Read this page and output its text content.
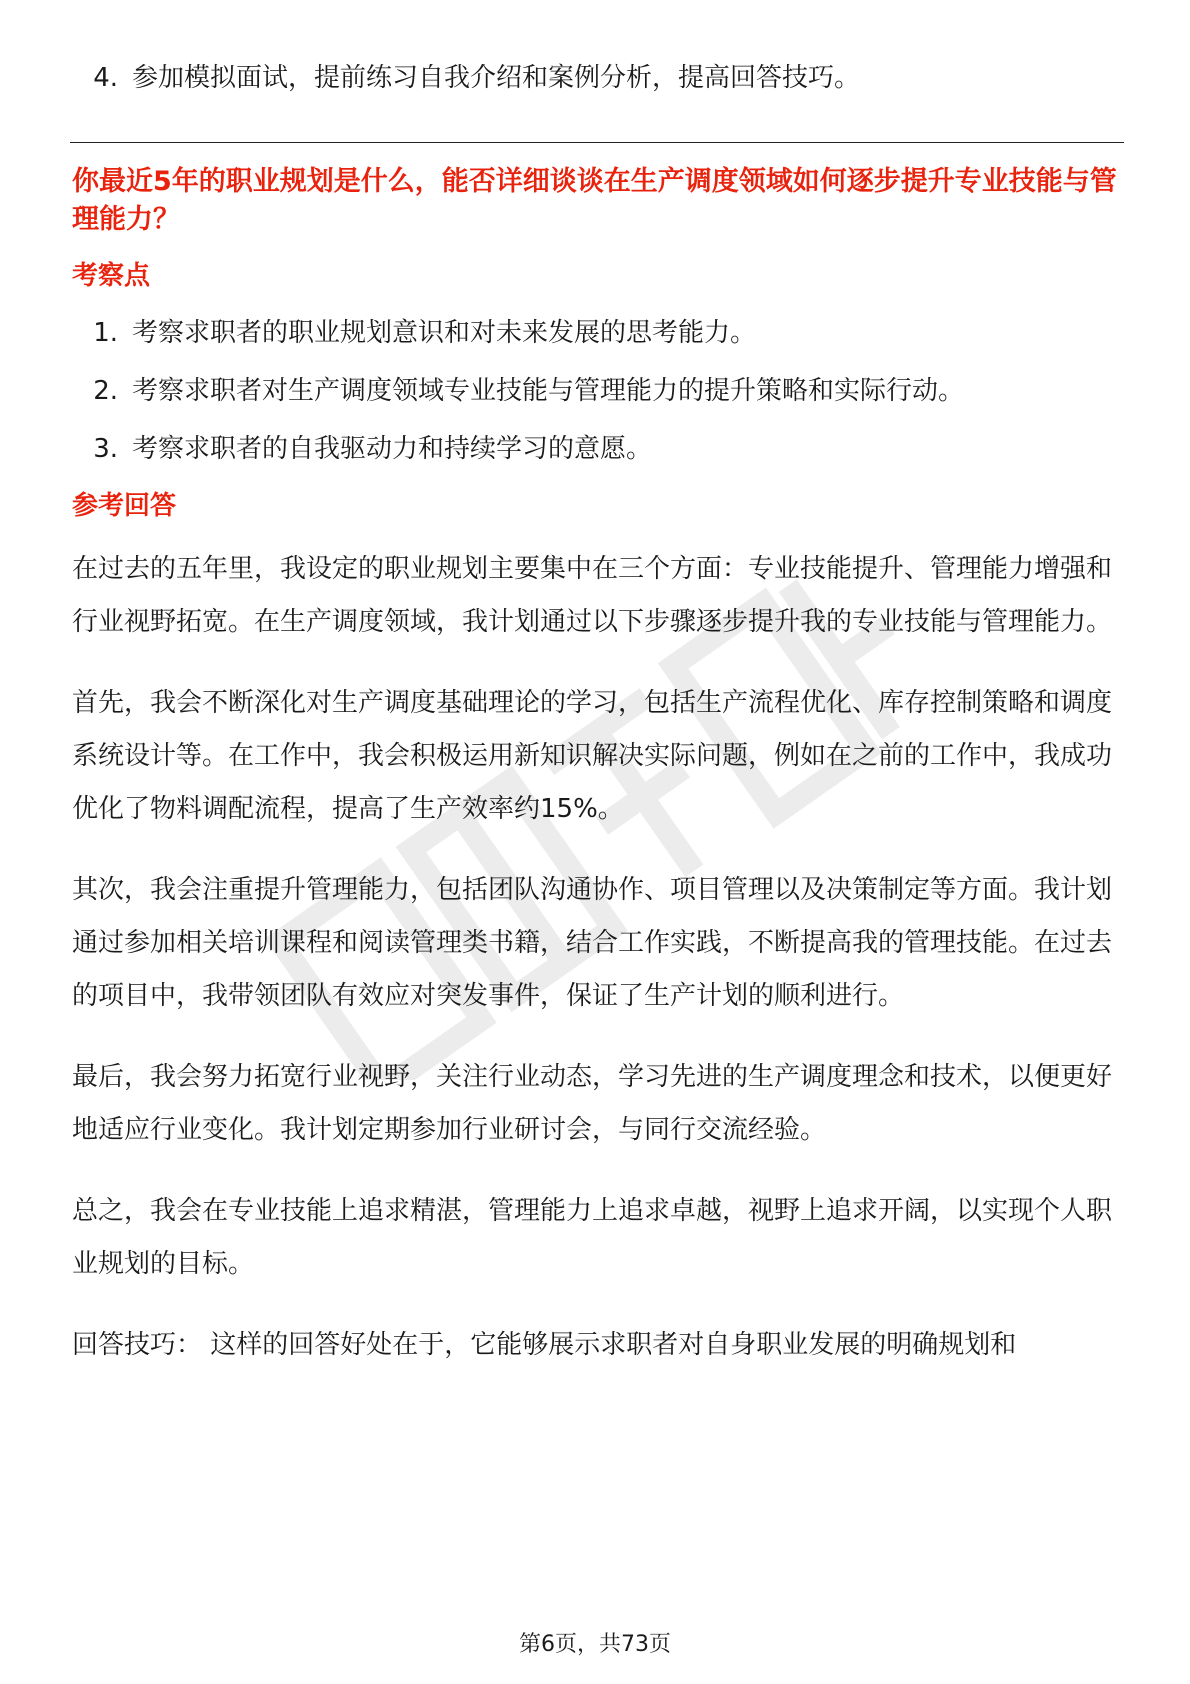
4. 参加模拟面试，提前练习自我介绍和案例分析，提高回答技巧。

你最近5年的职业规划是什么，能否详细谈谈在生产调度领域如何逐步提升专业技能与管理能力？

考察点

1. 考察求职者的职业规划意识和对未来发展的思考能力。

2. 考察求职者对生产调度领域专业技能与管理能力的提升策略和实际行动。

3. 考察求职者的自我驱动力和持续学习的意愿。

参考回答

在过去的五年里，我设定的职业规划主要集中在三个方面：专业技能提升、管理能力增强和行业视野拓宽。在生产调度领域，我计划通过以下步骤逐步提升我的专业技能与管理能力。

首先，我会不断深化对生产调度基础理论的学习，包括生产流程优化、库存控制策略和调度系统设计等。在工作中，我会积极运用新知识解决实际问题，例如在之前的工作中，我成功优化了物料调配流程，提高了生产效率约15%。

其次，我会注重提升管理能力，包括团队沟通协作、项目管理以及决策制定等方面。我计划通过参加相关培训课程和阅读管理类书籍，结合工作实践，不断提高我的管理技能。在过去的项目中，我带领团队有效应对突发事件，保证了生产计划的顺利进行。

最后，我会努力拓宽行业视野，关注行业动态，学习先进的生产调度理念和技术，以便更好地适应行业变化。我计划定期参加行业研讨会，与同行交流经验。

总之，我会在专业技能上追求精湛，管理能力上追求卓越，视野上追求开阔，以实现个人职业规划的目标。

回答技巧： 这样的回答好处在于，它能够展示求职者对自身职业发展的明确规划和

第6页，共73页
